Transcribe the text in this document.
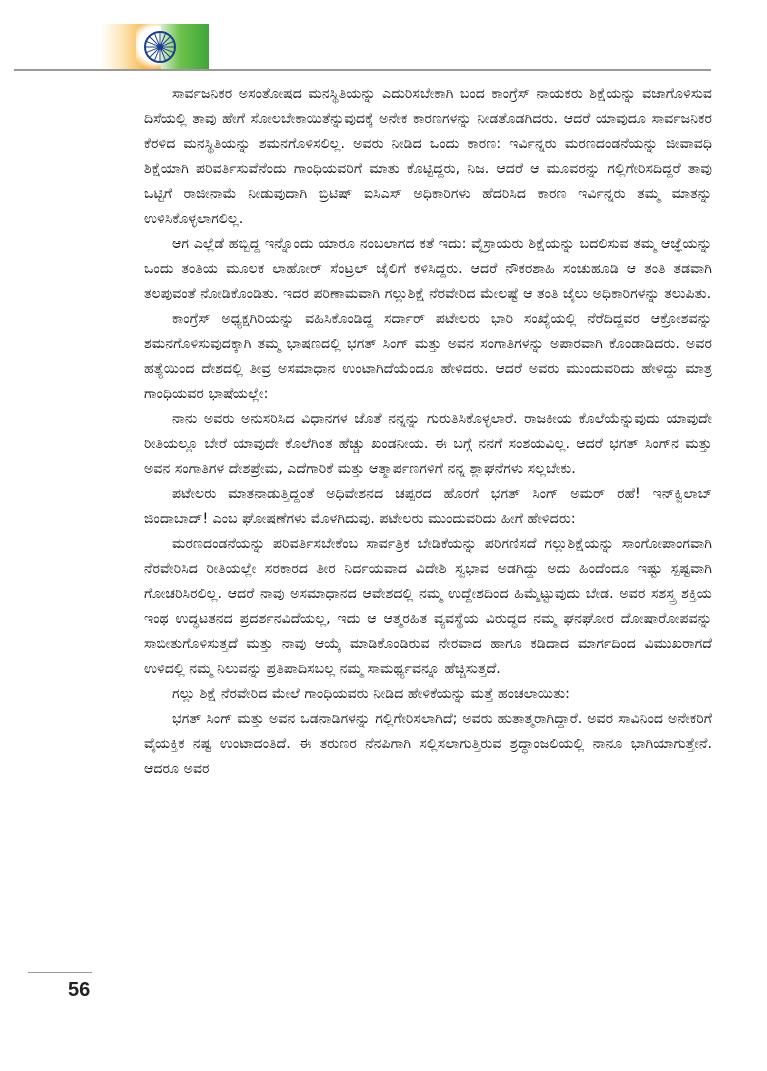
ಸಾರ್ವಜನಿಕರ ಅಸಂತೋಷದ ಮನಸ್ಥಿತಿಯನ್ನು ಎದುರಿಸಬೇಕಾಗಿ ಬಂದ ಕಾಂಗ್ರೆಸ್ ನಾಯಕರು ಶಿಕ್ಷೆಯನ್ನು ವಜಾಗೊಳಿಸುವ ದಿಸೆಯಲ್ಲಿ ತಾವು ಹೇಗೆ ಸೋಲಬೇಕಾಯಿತೆನ್ನುವುದಕ್ಕೆ ಅನೇಕ ಕಾರಣಗಳನ್ನು ನೀಡತೊಡಗಿದರು. ಆದರೆ ಯಾವುದೂ ಸಾರ್ವಜನಿಕರ ಕೆರಳಿದ ಮನಸ್ಥಿತಿಯನ್ನು ಶಮನಗೊಳಿಸಲಿಲ್ಲ. ಅವರು ನೀಡಿದ ಒಂದು ಕಾರಣ: ಇರ್ವಿನ್ನರು ಮರಣದಂಡನೆಯನ್ನು ಜೀವಾವಧಿ ಶಿಕ್ಷೆಯಾಗಿ ಪರಿವರ್ತಿಸುವೆನೆಂದು ಗಾಂಧಿಯವರಿಗೆ ಮಾತು ಕೊಟ್ಟಿದ್ದರು, ನಿಜ. ಆದರೆ ಆ ಮೂವರನ್ನು ಗಲ್ಲಿಗೇರಿಸದಿದ್ದರೆ ತಾವು ಒಟ್ಟಿಗೆ ರಾಜೀನಾಮೆ ನೀಡುವುದಾಗಿ ಬ್ರಿಟಿಷ್ ಐಸಿಎಸ್ ಅಧಿಕಾರಿಗಳು ಹೆದರಿಸಿದ ಕಾರಣ ಇರ್ವಿನ್ನರು ತಮ್ಮ ಮಾತನ್ನು ಉಳಿಸಿಕೊಳ್ಳಲಾಗಲಿಲ್ಲ.

ಆಗ ಎಲ್ಲೆಡೆ ಹಬ್ಬಿದ್ದ ಇನ್ನೊಂದು ಯಾರೂ ನಂಬಲಾಗದ ಕತೆ ಇದು: ವೈಸ್ರಾಯರು ಶಿಕ್ಷೆಯನ್ನು ಬದಲಿಸುವ ತಮ್ಮ ಆಜ್ಞೆಯನ್ನು ಒಂದು ತಂತಿಯ ಮೂಲಕ ಲಾಹೋರ್ ಸೆಂಟ್ರಲ್ ಜೈಲಿಗೆ ಕಳಿಸಿದ್ದರು. ಆದರೆ ನೌಕರಶಾಹಿ ಸಂಚುಹೂಡಿ ಆ ತಂತಿ ತಡವಾಗಿ ತಲಪುವಂತೆ ನೋಡಿಕೊಂಡಿತು. ಇದರ ಪರಿಣಾಮವಾಗಿ ಗಲ್ಲುಶಿಕ್ಷೆ ನೆರವೇರಿದ ಮೇಲಷ್ಟೆ ಆ ತಂತಿ ಜೈಲು ಅಧಿಕಾರಿಗಳನ್ನು ತಲುಪಿತು.

ಕಾಂಗ್ರೆಸ್ ಅಧ್ಯಕ್ಷಗಿರಿಯನ್ನು ವಹಿಸಿಕೊಂಡಿದ್ದ ಸರ್ದಾರ್ ಪಟೇಲರು ಭಾರಿ ಸಂಖ್ಯೆಯಲ್ಲಿ ನೆರೆದಿದ್ದವರ ಆಕ್ರೋಶವನ್ನು ಶಮನಗೊಳಿಸುವುದಕ್ಕಾಗಿ ತಮ್ಮ ಭಾಷಣದಲ್ಲಿ ಭಗತ್ ಸಿಂಗ್ ಮತ್ತು ಅವನ ಸಂಗಾತಿಗಳನ್ನು ಅಪಾರವಾಗಿ ಕೊಂಡಾಡಿದರು. ಅವರ ಹತ್ಯೆಯಿಂದ ದೇಶದಲ್ಲಿ ತೀವ್ರ ಅಸಮಾಧಾನ ಉಂಟಾಗಿದೆಯೆಂದೂ ಹೇಳಿದರು. ಆದರೆ ಅವರು ಮುಂದುವರಿದು ಹೇಳಿದ್ದು ಮಾತ್ರ ಗಾಂಧಿಯವರ ಭಾಷೆಯಲ್ಲೇ:

ನಾನು ಅವರು ಅನುಸರಿಸಿದ ವಿಧಾನಗಳ ಜೊತೆ ನನ್ನನ್ನು ಗುರುತಿಸಿಕೊಳ್ಳಲಾರೆ. ರಾಜಕೀಯ ಕೊಲೆಯೆನ್ನುವುದು ಯಾವುದೇ ರೀತಿಯಲ್ಲೂ ಬೇರೆ ಯಾವುದೇ ಕೊಲೆಗಿಂತ ಹೆಚ್ಚು ಖಂಡನೀಯ. ಈ ಬಗ್ಗೆ ನನಗೆ ಸಂಶಯವಿಲ್ಲ. ಆದರೆ ಭಗತ್ ಸಿಂಗ್‌ನ ಮತ್ತು ಅವನ ಸಂಗಾತಿಗಳ ದೇಶಪ್ರೇಮ, ಎದೆಗಾರಿಕೆ ಮತ್ತು ಆತ್ಮಾರ್ಪಣಗಳಿಗೆ ನನ್ನ ಶ್ಲಾಘನೆಗಳು ಸಲ್ಲಬೇಕು.

ಪಟೇಲರು ಮಾತನಾಡುತ್ತಿದ್ದಂತೆ ಅಧಿವೇಶನದ ಚಪ್ಪರದ ಹೊರಗೆ ಭಗತ್ ಸಿಂಗ್ ಅಮರ್ ರಹೆ! ಇನ್‌ಕ್ವಿಲಾಬ್ ಜಿಂದಾಬಾದ್! ಎಂಬ ಘೋಷಣೆಗಳು ಮೊಳಗಿದುವು. ಪಟೇಲರು ಮುಂದುವರಿದು ಹೀಗೆ ಹೇಳಿದರು:

ಮರಣದಂಡನೆಯನ್ನು ಪರಿವರ್ತಿಸಬೇಕೆಂಬ ಸಾರ್ವತ್ರಿಕ ಬೇಡಿಕೆಯನ್ನು ಪರಿಗಣಿಸದೆ ಗಲ್ಲುಶಿಕ್ಷೆಯನ್ನು ಸಾಂಗೋಪಾಂಗವಾಗಿ ನೆರವೇರಿಸಿದ ರೀತಿಯಲ್ಲೇ ಸರಕಾರದ ತೀರ ನಿರ್ದಯವಾದ ವಿದೇಶಿ ಸ್ವಭಾವ ಅಡಗಿದ್ದು ಅದು ಹಿಂದೆಂದೂ ಇಷ್ಟು ಸ್ಪಷ್ಟವಾಗಿ ಗೋಚರಿಸಿರಲಿಲ್ಲ. ಆದರೆ ನಾವು ಅಸಮಾಧಾನದ ಆವೇಶದಲ್ಲಿ ನಮ್ಮ ಉದ್ದೇಶದಿಂದ ಹಿಮ್ಮೆಟ್ಟುವುದು ಬೇಡ. ಅವರ ಸಶಸ್ತ್ರ ಶಕ್ತಿಯ ಇಂಥ ಉದ್ಧಟತನದ ಪ್ರದರ್ಶನವಿದೆಯಲ್ಲ, ಇದು ಆ ಆತ್ಮರಹಿತ ವ್ಯವಸ್ಥೆಯ ವಿರುದ್ಧದ ನಮ್ಮ ಘನಘೋರ ದೋಷಾರೋಪವನ್ನು ಸಾಬೀತುಗೊಳಿಸುತ್ತದೆ ಮತ್ತು ನಾವು ಆಯ್ಕೆ ಮಾಡಿಕೊಂಡಿರುವ ನೇರವಾದ ಹಾಗೂ ಕಡಿದಾದ ಮಾರ್ಗದಿಂದ ವಿಮುಖರಾಗದೆ ಉಳಿದಲ್ಲಿ ನಮ್ಮ ನಿಲುವನ್ನು ಪ್ರತಿಪಾದಿಸಬಲ್ಲ ನಮ್ಮ ಸಾಮರ್ಥ್ಯವನ್ನೂ ಹೆಚ್ಚಿಸುತ್ತದೆ.

ಗಲ್ಲು ಶಿಕ್ಷೆ ನೆರವೇರಿದ ಮೇಲೆ ಗಾಂಧಿಯವರು ನೀಡಿದ ಹೇಳಿಕೆಯನ್ನು ಮತ್ತೆ ಹಂಚಲಾಯಿತು:

ಭಗತ್ ಸಿಂಗ್ ಮತ್ತು ಅವನ ಒಡನಾಡಿಗಳನ್ನು ಗಲ್ಲಿಗೇರಿಸಲಾಗಿದೆ; ಅವರು ಹುತಾತ್ಮರಾಗಿದ್ದಾರೆ. ಅವರ ಸಾವಿನಿಂದ ಅನೇಕರಿಗೆ ವೈಯಕ್ತಿಕ ನಷ್ಟ ಉಂಟಾದಂತಿದೆ. ಈ ತರುಣರ ನೆನಪಿಗಾಗಿ ಸಲ್ಲಿಸಲಾಗುತ್ತಿರುವ ಶ್ರದ್ಧಾಂಜಲಿಯಲ್ಲಿ ನಾನೂ ಭಾಗಿಯಾಗುತ್ತೇನೆ. ಆದರೂ ಅವರ

56
